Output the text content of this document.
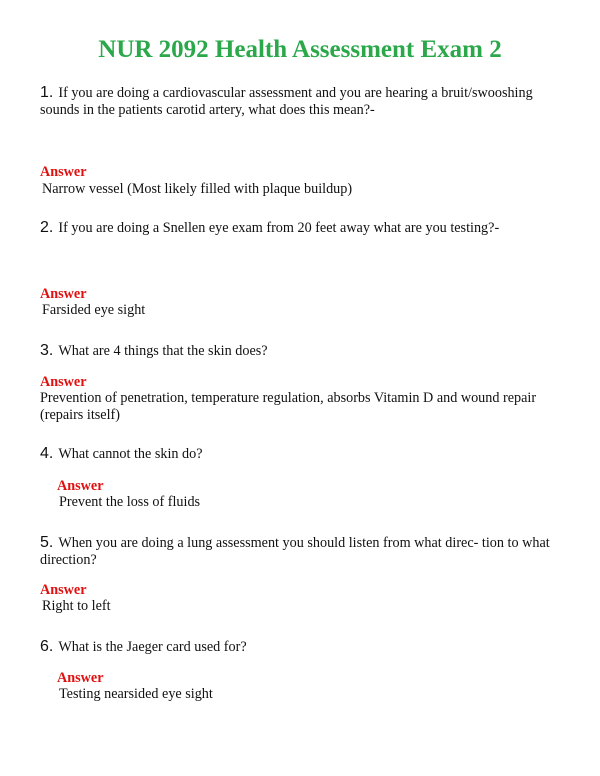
NUR 2092 Health Assessment Exam 2
1. If you are doing a cardiovascular assessment and you are hearing a bruit/swooshing sounds in the patients carotid artery, what does this mean?-
Answer
Narrow vessel (Most likely filled with plaque buildup)
2. If you are doing a Snellen eye exam from 20 feet away what are you testing?-
Answer
Farsided eye sight
3. What are 4 things that the skin does?
Answer
Prevention of penetration, temperature regulation, absorbs Vitamin D and wound repair (repairs itself)
4. What cannot the skin do?
Answer
Prevent the loss of fluids
5. When you are doing a lung assessment you should listen from what direc- tion to what direction?
Answer
Right to left
6. What is the Jaeger card used for?
Answer
Testing nearsided eye sight
